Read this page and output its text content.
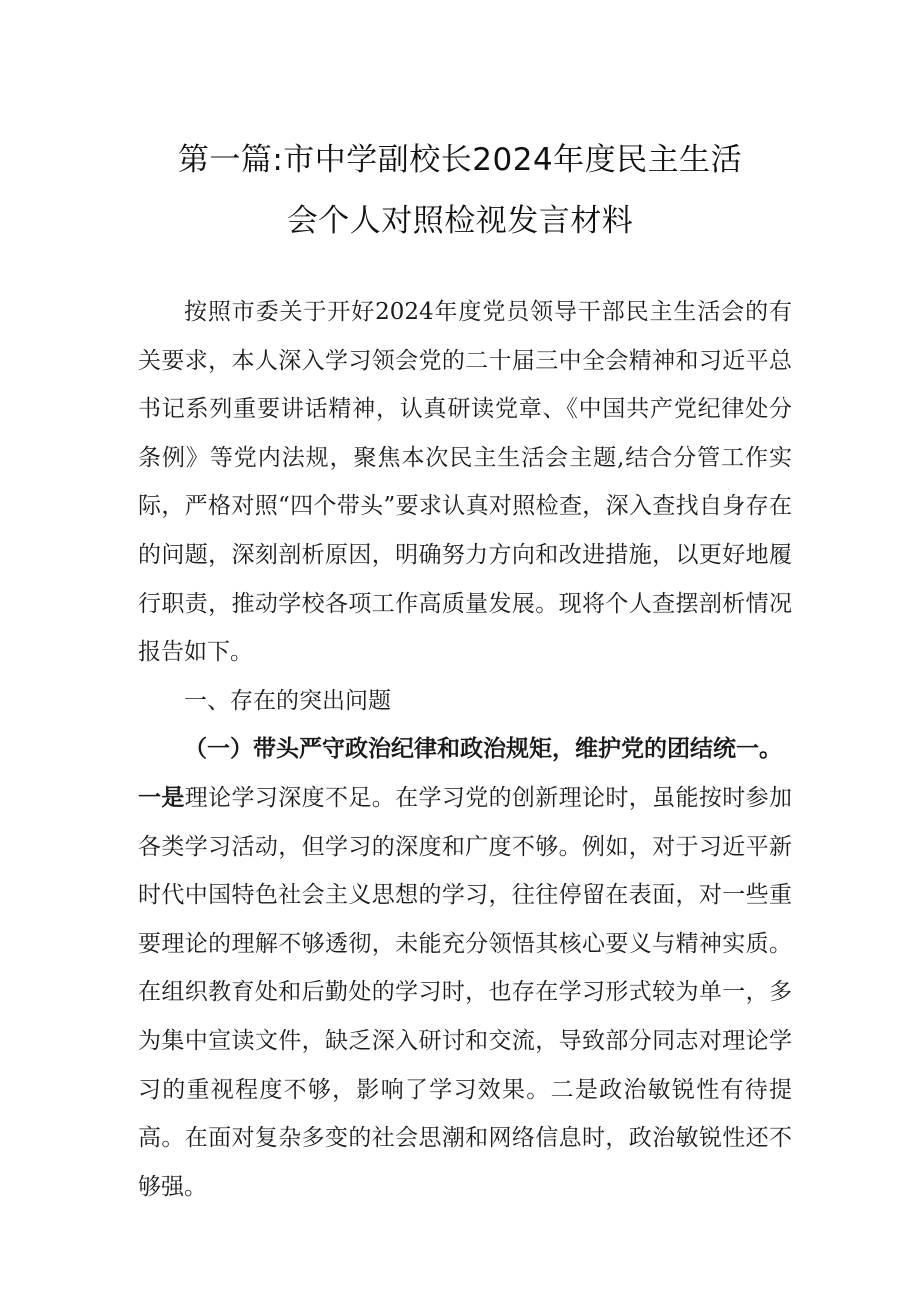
第一篇:市中学副校长2024年度民主生活
会个人对照检视发言材料

按照市委关于开好2024年度党员领导干部民主生活会的有关要求，本人深入学习领会党的二十届三中全会精神和习近平总书记系列重要讲话精神，认真研读党章、《中国共产党纪律处分条例》等党内法规，聚焦本次民主生活会主题,结合分管工作实际，严格对照“四个带头”要求认真对照检查，深入查找自身存在的问题，深刻剖析原因，明确努力方向和改进措施，以更好地履行职责，推动学校各项工作高质量发展。现将个人查摆剖析情况报告如下。

一、存在的突出问题

（一）带头严守政治纪律和政治规矩，维护党的团结统一。

一是理论学习深度不足。在学习党的创新理论时，虽能按时参加各类学习活动，但学习的深度和广度不够。例如，对于习近平新时代中国特色社会主义思想的学习，往往停留在表面，对一些重要理论的理解不够透彻，未能充分领悟其核心要义与精神实质。在组织教育处和后勤处的学习时，也存在学习形式较为单一，多为集中宣读文件，缺乏深入研讨和交流，导致部分同志对理论学习的重视程度不够，影响了学习效果。二是政治敏锐性有待提高。在面对复杂多变的社会思潮和网络信息时，政治敏锐性还不够强。
